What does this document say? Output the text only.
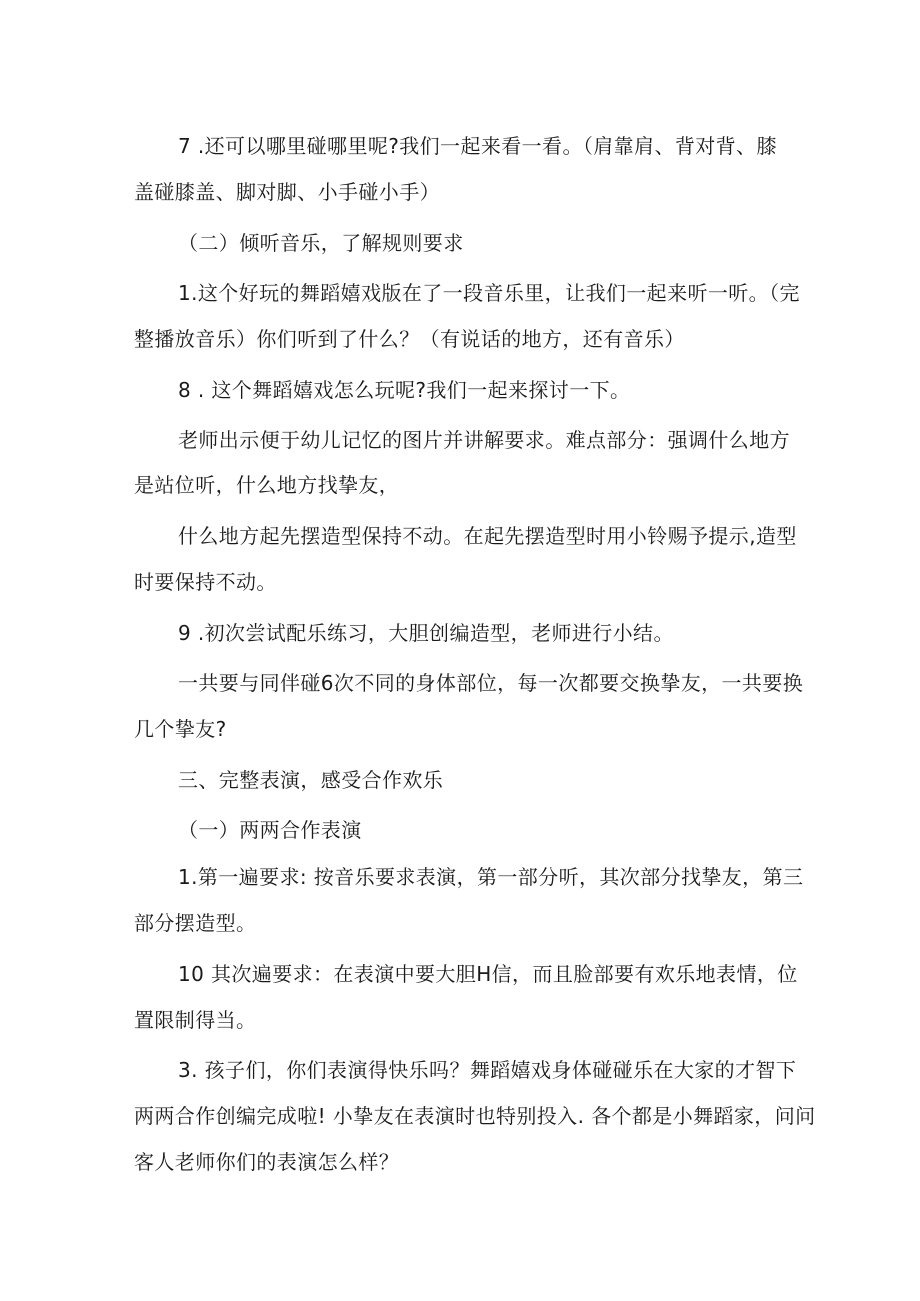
7 .还可以哪里碰哪里呢?我们一起来看一看。（肩靠肩、背对背、膝
盖碰膝盖、脚对脚、小手碰小手）
（二）倾听音乐，了解规则要求
1.这个好玩的舞蹈嬉戏版在了一段音乐里，让我们一起来听一听。（完
整播放音乐）你们听到了什么？（有说话的地方，还有音乐）
8 . 这个舞蹈嬉戏怎么玩呢?我们一起来探讨一下。
老师出示便于幼儿记忆的图片并讲解要求。难点部分：强调什么地方
是站位听，什么地方找挚友，
什么地方起先摆造型保持不动。在起先摆造型时用小铃赐予提示,造型
时要保持不动。
9 .初次尝试配乐练习，大胆创编造型，老师进行小结。
一共要与同伴碰6次不同的身体部位，每一次都要交换挚友，一共要换
几个挚友?
三、完整表演，感受合作欢乐
（一）两两合作表演
1.第一遍要求: 按音乐要求表演，第一部分听，其次部分找挚友，第三
部分摆造型。
10 其次遍要求：在表演中要大胆H信，而且脸部要有欢乐地表情，位
置限制得当。
3. 孩子们，你们表演得快乐吗？舞蹈嬉戏身体碰碰乐在大家的才智下
两两合作创编完成啦! 小挚友在表演时也特别投入. 各个都是小舞蹈家，问问
客人老师你们的表演怎么样？
